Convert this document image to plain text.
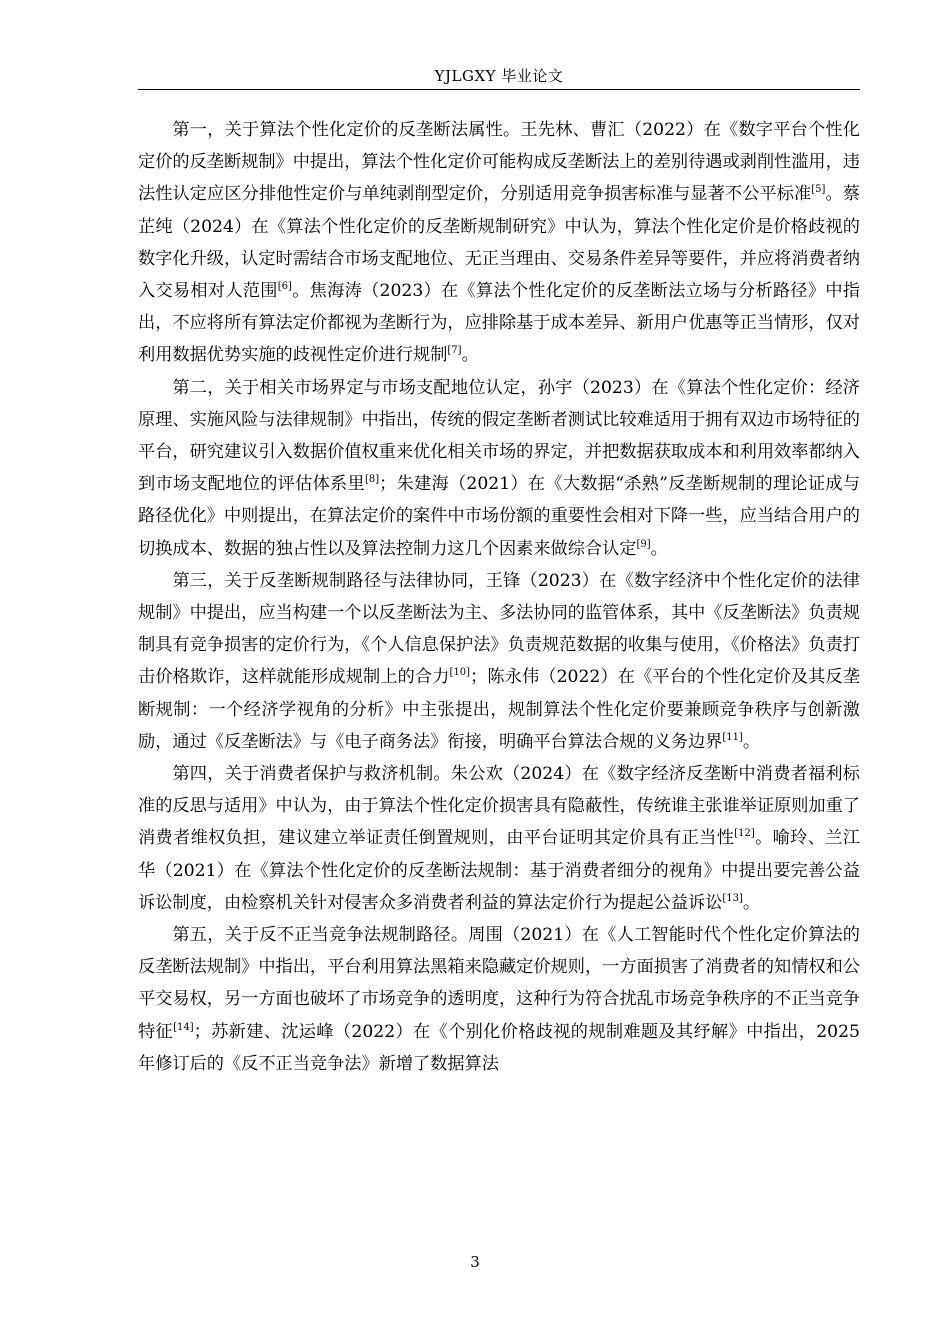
YJLGXY 毕业论文

第一，关于算法个性化定价的反垄断法属性。王先林、曹汇（2022）在《数字平台个性化定价的反垄断规制》中提出，算法个性化定价可能构成反垄断法上的差别待遇或剥削性滥用，违法性认定应区分排他性定价与单纯剥削型定价，分别适用竞争损害标准与显著不公平标准[5]。蔡芷纯（2024）在《算法个性化定价的反垄断规制研究》中认为，算法个性化定价是价格歧视的数字化升级，认定时需结合市场支配地位、无正当理由、交易条件差异等要件，并应将消费者纳入交易相对人范围[6]。焦海涛（2023）在《算法个性化定价的反垄断法立场与分析路径》中指出，不应将所有算法定价都视为垄断行为，应排除基于成本差异、新用户优惠等正当情形，仅对利用数据优势实施的歧视性定价进行规制[7]。

第二，关于相关市场界定与市场支配地位认定，孙宇（2023）在《算法个性化定价：经济原理、实施风险与法律规制》中指出，传统的假定垄断者测试比较难适用于拥有双边市场特征的平台，研究建议引入数据价值权重来优化相关市场的界定，并把数据获取成本和利用效率都纳入到市场支配地位的评估体系里[8]；朱建海（2021）在《大数据“杀熟”反垄断规制的理论证成与路径优化》中则提出，在算法定价的案件中市场份额的重要性会相对下降一些，应当结合用户的切换成本、数据的独占性以及算法控制力这几个因素来做综合认定[9]。

第三，关于反垄断规制路径与法律协同，王锋（2023）在《数字经济中个性化定价的法律规制》中提出，应当构建一个以反垄断法为主、多法协同的监管体系，其中《反垄断法》负责规制具有竞争损害的定价行为，《个人信息保护法》负责规范数据的收集与使用，《价格法》负责打击价格欺诈，这样就能形成规制上的合力[10]；陈永伟（2022）在《平台的个性化定价及其反垄断规制：一个经济学视角的分析》中主张提出，规制算法个性化定价要兼顾竞争秩序与创新激励，通过《反垄断法》与《电子商务法》衔接，明确平台算法合规的义务边界[11]。

第四，关于消费者保护与救济机制。朱公欢（2024）在《数字经济反垄断中消费者福利标准的反思与适用》中认为，由于算法个性化定价损害具有隐蔽性，传统谁主张谁举证原则加重了消费者维权负担，建议建立举证责任倒置规则，由平台证明其定价具有正当性[12]。喻玲、兰江华（2021）在《算法个性化定价的反垄断法规制：基于消费者细分的视角》中提出要完善公益诉讼制度，由检察机关针对侵害众多消费者利益的算法定价行为提起公益诉讼[13]。

第五，关于反不正当竞争法规制路径。周围（2021）在《人工智能时代个性化定价算法的反垄断法规制》中指出，平台利用算法黑箱来隐藏定价规则，一方面损害了消费者的知情权和公平交易权，另一方面也破坏了市场竞争的透明度，这种行为符合扰乱市场竞争秩序的不正当竞争特征[14]；苏新建、沈运峰（2022）在《个别化价格歧视的规制难题及其纾解》中指出，2025年修订后的《反不正当竞争法》新增了数据算法

3
